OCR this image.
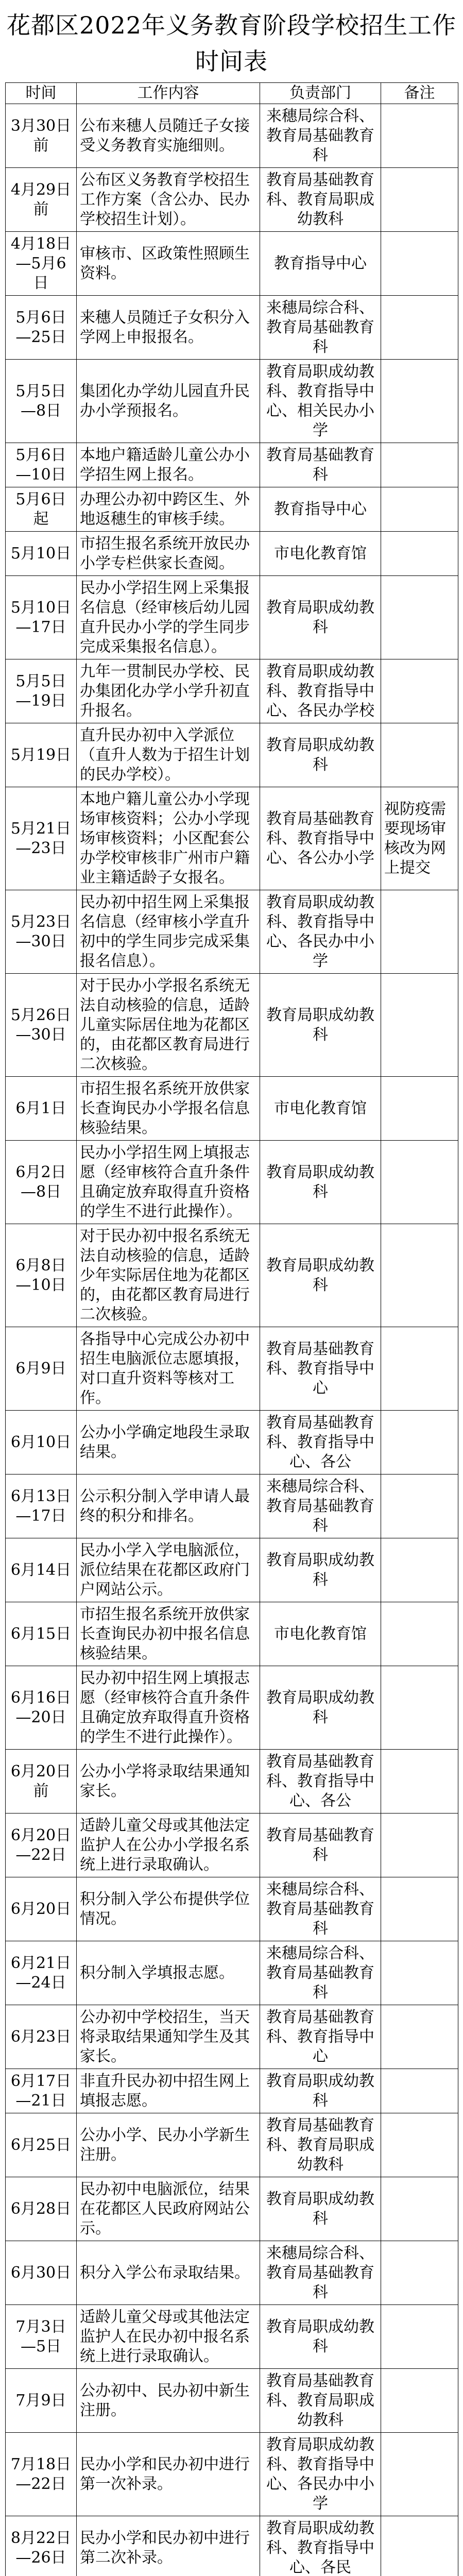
花都区2022年义务教育阶段学校招生工作时间表
时间	工作内容	负责部门	备注
3月30日前	公布来穗人员随迁子女接受义务教育实施细则。	来穗局综合科、教育局基础教育科	
4月29日前	公布区义务教育学校招生工作方案（含公办、民办学校招生计划）。	教育局基础教育科、教育局职成幼教科	
4月18日—5月6日	审核市、区政策性照顾生资料。	教育指导中心	
5月6日—25日	来穗人员随迁子女积分入学网上申报报名。	来穗局综合科、教育局基础教育科	
5月5日—8日	集团化办学幼儿园直升民办小学预报名。	教育局职成幼教科、教育指导中心、相关民办小学	
5月6日—10日	本地户籍适龄儿童公办小学招生网上报名。	教育局基础教育科	
5月6日起	办理公办初中跨区生、外地返穗生的审核手续。	教育指导中心	
5月10日	市招生报名系统开放民办小学专栏供家长查阅。	市电化教育馆	
5月10日—17日	民办小学招生网上采集报名信息（经审核后幼儿园直升民办小学的学生同步完成采集报名信息）。	教育局职成幼教科	
5月5日—19日	九年一贯制民办学校、民办集团化办学小学升初直升报名。	教育局职成幼教科、教育指导中心、各民办学校	
5月19日	直升民办初中入学派位（直升人数为于招生计划的民办学校）。	教育局职成幼教科	
5月21日—23日	本地户籍儿童公办小学现场审核资料；公办小学现场审核资料；小区配套公办学校审核非广州市户籍业主籍适龄子女报名。	教育局基础教育科、教育指导中心、各公办小学	视防疫需要现场审核改为网上提交
5月23日—30日	民办初中招生网上采集报名信息（经审核小学直升初中的学生同步完成采集报名信息）。	教育局职成幼教科、教育指导中心、各民办中小学	
5月26日—30日	对于民办小学报名系统无法自动核验的信息，适龄儿童实际居住地为花都区的，由花都区教育局进行二次核验。	教育局职成幼教科	
6月1日	市招生报名系统开放供家长查询民办小学报名信息核验结果。	市电化教育馆	
6月2日—8日	民办小学招生网上填报志愿（经审核符合直升条件且确定放弃取得直升资格的学生不进行此操作）。	教育局职成幼教科	
6月8日—10日	对于民办初中报名系统无法自动核验的信息，适龄少年实际居住地为花都区的，由花都区教育局进行二次核验。	教育局职成幼教科	
6月9日	各指导中心完成公办初中招生电脑派位志愿填报，对口直升资料等核对工作。	教育局基础教育科、教育指导中心	
6月10日	公办小学确定地段生录取结果。	教育局基础教育科、教育指导中心、各公	
6月13日—17日	公示积分制入学申请人最终的积分和排名。	来穗局综合科、教育局基础教育科	
6月14日	民办小学入学电脑派位，派位结果在花都区政府门户网站公示。	教育局职成幼教科	
6月15日	市招生报名系统开放供家长查询民办初中报名信息核验结果。	市电化教育馆	
6月16日—20日	民办初中招生网上填报志愿（经审核符合直升条件且确定放弃取得直升资格的学生不进行此操作）。	教育局职成幼教科	
6月20日前	公办小学将录取结果通知家长。	教育局基础教育科、教育指导中心、各公	
6月20日—22日	适龄儿童父母或其他法定监护人在公办小学报名系统上进行录取确认。	教育局基础教育科	
6月20日	积分制入学公布提供学位情况。	来穗局综合科、教育局基础教育科	
6月21日—24日	积分制入学填报志愿。	来穗局综合科、教育局基础教育科	
6月23日	公办初中学校招生，当天将录取结果通知学生及其家长。	教育局基础教育科、教育指导中心	
6月17日—21日	非直升民办初中招生网上填报志愿。	教育局职成幼教科	
6月25日	公办小学、民办小学新生注册。	教育局基础教育科、教育局职成幼教科	
6月28日	民办初中电脑派位，结果在花都区人民政府网站公示。	教育局职成幼教科	
6月30日	积分入学公布录取结果。	来穗局综合科、教育局基础教育科	
7月3日—5日	适龄儿童父母或其他法定监护人在民办初中报名系统上进行录取确认。	教育局职成幼教科	
7月9日	公办初中、民办初中新生注册。	教育局基础教育科、教育局职成幼教科	
7月18日—22日	民办小学和民办初中进行第一次补录。	教育局职成幼教科、教育指导中心、各民办中小学	
8月22日—26日	民办小学和民办初中进行第二次补录。	教育局职成幼教科、教育指导中心、各民	
